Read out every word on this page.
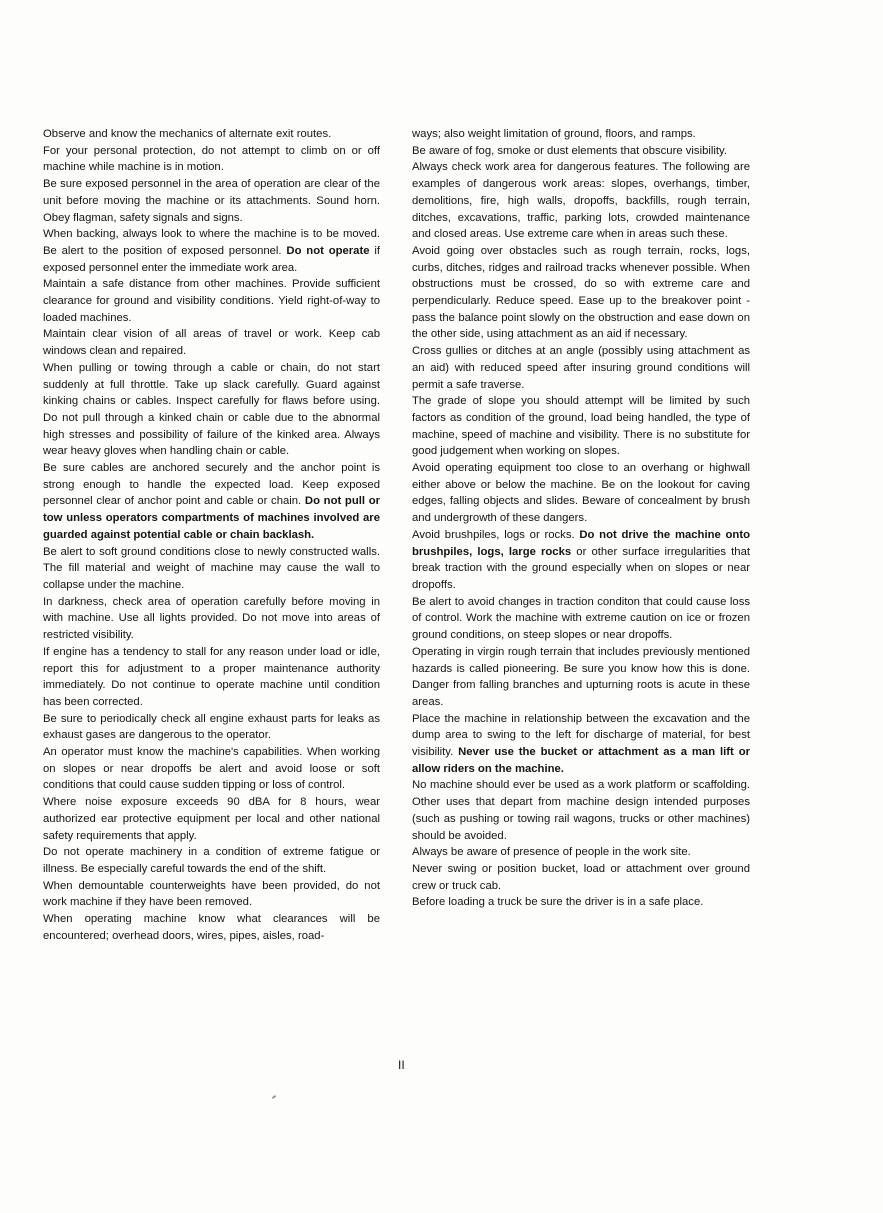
Observe and know the mechanics of alternate exit routes.

For your personal protection, do not attempt to climb on or off machine while machine is in motion.

Be sure exposed personnel in the area of operation are clear of the unit before moving the machine or its attachments. Sound horn. Obey flagman, safety signals and signs.

When backing, always look to where the machine is to be moved. Be alert to the position of exposed personnel. Do not operate if exposed personnel enter the immediate work area.

Maintain a safe distance from other machines. Provide sufficient clearance for ground and visibility conditions. Yield right-of-way to loaded machines.

Maintain clear vision of all areas of travel or work. Keep cab windows clean and repaired.

When pulling or towing through a cable or chain, do not start suddenly at full throttle. Take up slack carefully. Guard against kinking chains or cables. Inspect carefully for flaws before using. Do not pull through a kinked chain or cable due to the abnormal high stresses and possibility of failure of the kinked area. Always wear heavy gloves when handling chain or cable.

Be sure cables are anchored securely and the anchor point is strong enough to handle the expected load. Keep exposed personnel clear of anchor point and cable or chain. Do not pull or tow unless operators compartments of machines involved are guarded against potential cable or chain backlash.

Be alert to soft ground conditions close to newly constructed walls. The fill material and weight of machine may cause the wall to collapse under the machine.

In darkness, check area of operation carefully before moving in with machine. Use all lights provided. Do not move into areas of restricted visibility.

If engine has a tendency to stall for any reason under load or idle, report this for adjustment to a proper maintenance authority immediately. Do not continue to operate machine until condition has been corrected.

Be sure to periodically check all engine exhaust parts for leaks as exhaust gases are dangerous to the operator.

An operator must know the machine's capabilities. When working on slopes or near dropoffs be alert and avoid loose or soft conditions that could cause sudden tipping or loss of control.

Where noise exposure exceeds 90 dBA for 8 hours, wear authorized ear protective equipment per local and other national safety requirements that apply.

Do not operate machinery in a condition of extreme fatigue or illness. Be especially careful towards the end of the shift.

When demountable counterweights have been provided, do not work machine if they have been removed.

When operating machine know what clearances will be encountered; overhead doors, wires, pipes, aisles, road-

ways; also weight limitation of ground, floors, and ramps.

Be aware of fog, smoke or dust elements that obscure visibility.

Always check work area for dangerous features. The following are examples of dangerous work areas: slopes, overhangs, timber, demolitions, fire, high walls, dropoffs, backfills, rough terrain, ditches, excavations, traffic, parking lots, crowded maintenance and closed areas. Use extreme care when in areas such these.

Avoid going over obstacles such as rough terrain, rocks, logs, curbs, ditches, ridges and railroad tracks whenever possible. When obstructions must be crossed, do so with extreme care and perpendicularly. Reduce speed. Ease up to the breakover point - pass the balance point slowly on the obstruction and ease down on the other side, using attachment as an aid if necessary.

Cross gullies or ditches at an angle (possibly using attachment as an aid) with reduced speed after insuring ground conditions will permit a safe traverse.

The grade of slope you should attempt will be limited by such factors as condition of the ground, load being handled, the type of machine, speed of machine and visibility. There is no substitute for good judgement when working on slopes.

Avoid operating equipment too close to an overhang or highwall either above or below the machine. Be on the lookout for caving edges, falling objects and slides. Beware of concealment by brush and undergrowth of these dangers.

Avoid brushpiles, logs or rocks. Do not drive the machine onto brushpiles, logs, large rocks or other surface irregularities that break traction with the ground especially when on slopes or near dropoffs.

Be alert to avoid changes in traction conditon that could cause loss of control. Work the machine with extreme caution on ice or frozen ground conditions, on steep slopes or near dropoffs.

Operating in virgin rough terrain that includes previously mentioned hazards is called pioneering. Be sure you know how this is done. Danger from falling branches and upturning roots is acute in these areas.

Place the machine in relationship between the excavation and the dump area to swing to the left for discharge of material, for best visibility. Never use the bucket or attachment as a man lift or allow riders on the machine.

No machine should ever be used as a work platform or scaffolding. Other uses that depart from machine design intended purposes (such as pushing or towing rail wagons, trucks or other machines) should be avoided.

Always be aware of presence of people in the work site.

Never swing or position bucket, load or attachment over ground crew or truck cab.

Before loading a truck be sure the driver is in a safe place.

II
